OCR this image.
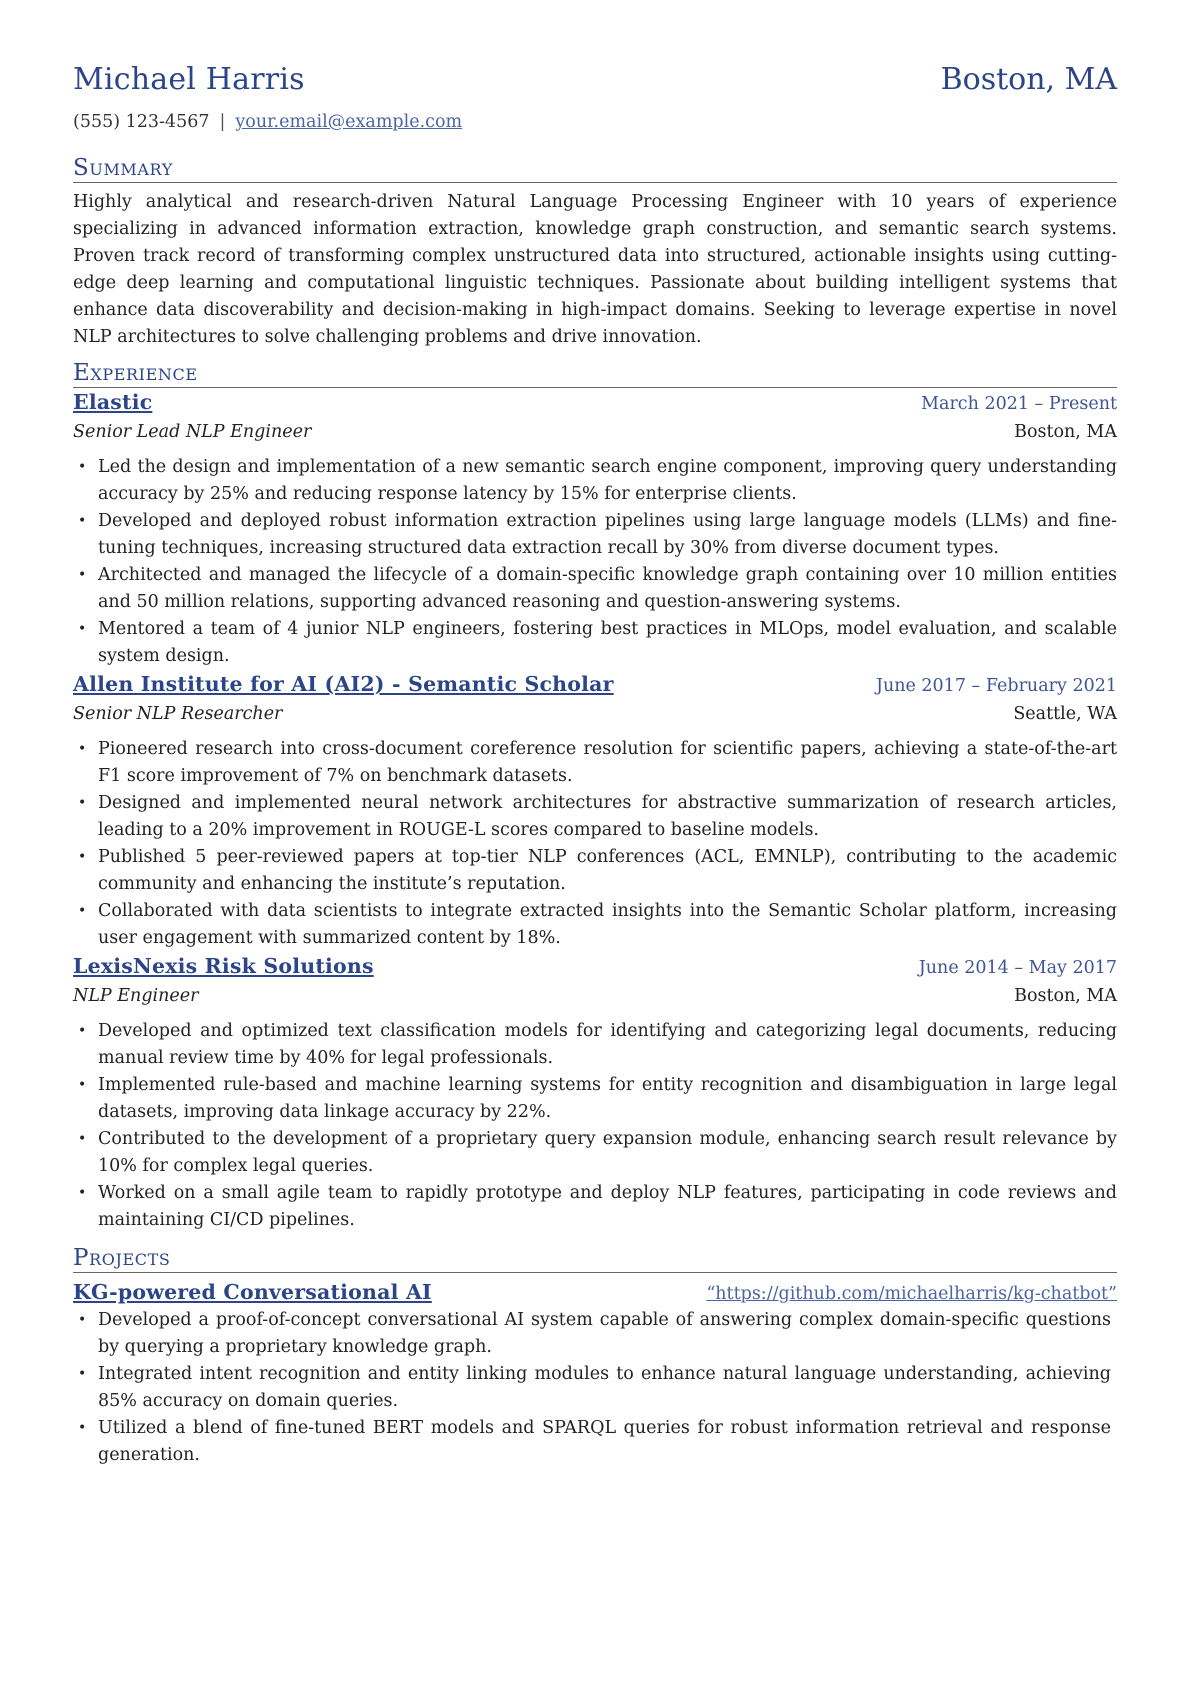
Michael Harris	Boston, MA
(555) 123-4567 | your.email@example.com
Summary
Highly analytical and research-driven Natural Language Processing Engineer with 10 years of experience specializing in advanced information extraction, knowledge graph construction, and semantic search systems. Proven track record of transforming complex unstructured data into structured, actionable insights using cutting-edge deep learning and computational linguistic techniques. Passionate about building intelligent systems that enhance data discoverability and decision-making in high-impact domains. Seeking to leverage expertise in novel NLP architectures to solve challenging problems and drive innovation.
Experience
Elastic	March 2021 – Present
Senior Lead NLP Engineer	Boston, MA
• Led the design and implementation of a new semantic search engine component, improving query understanding accuracy by 25% and reducing response latency by 15% for enterprise clients.
• Developed and deployed robust information extraction pipelines using large language models (LLMs) and fine-tuning techniques, increasing structured data extraction recall by 30% from diverse document types.
• Architected and managed the lifecycle of a domain-specific knowledge graph containing over 10 million entities and 50 million relations, supporting advanced reasoning and question-answering systems.
• Mentored a team of 4 junior NLP engineers, fostering best practices in MLOps, model evaluation, and scalable system design.
Allen Institute for AI (AI2) - Semantic Scholar	June 2017 – February 2021
Senior NLP Researcher	Seattle, WA
• Pioneered research into cross-document coreference resolution for scientific papers, achieving a state-of-the-art F1 score improvement of 7% on benchmark datasets.
• Designed and implemented neural network architectures for abstractive summarization of research articles, leading to a 20% improvement in ROUGE-L scores compared to baseline models.
• Published 5 peer-reviewed papers at top-tier NLP conferences (ACL, EMNLP), contributing to the academic community and enhancing the institute’s reputation.
• Collaborated with data scientists to integrate extracted insights into the Semantic Scholar platform, increasing user engagement with summarized content by 18%.
LexisNexis Risk Solutions	June 2014 – May 2017
NLP Engineer	Boston, MA
• Developed and optimized text classification models for identifying and categorizing legal documents, reducing manual review time by 40% for legal professionals.
• Implemented rule-based and machine learning systems for entity recognition and disambiguation in large legal datasets, improving data linkage accuracy by 22%.
• Contributed to the development of a proprietary query expansion module, enhancing search result relevance by 10% for complex legal queries.
• Worked on a small agile team to rapidly prototype and deploy NLP features, participating in code reviews and maintaining CI/CD pipelines.
Projects
KG-powered Conversational AI	“https://github.com/michaelharris/kg-chatbot”
• Developed a proof-of-concept conversational AI system capable of answering complex domain-specific questions by querying a proprietary knowledge graph.
• Integrated intent recognition and entity linking modules to enhance natural language understanding, achieving 85% accuracy on domain queries.
• Utilized a blend of fine-tuned BERT models and SPARQL queries for robust information retrieval and response generation.
